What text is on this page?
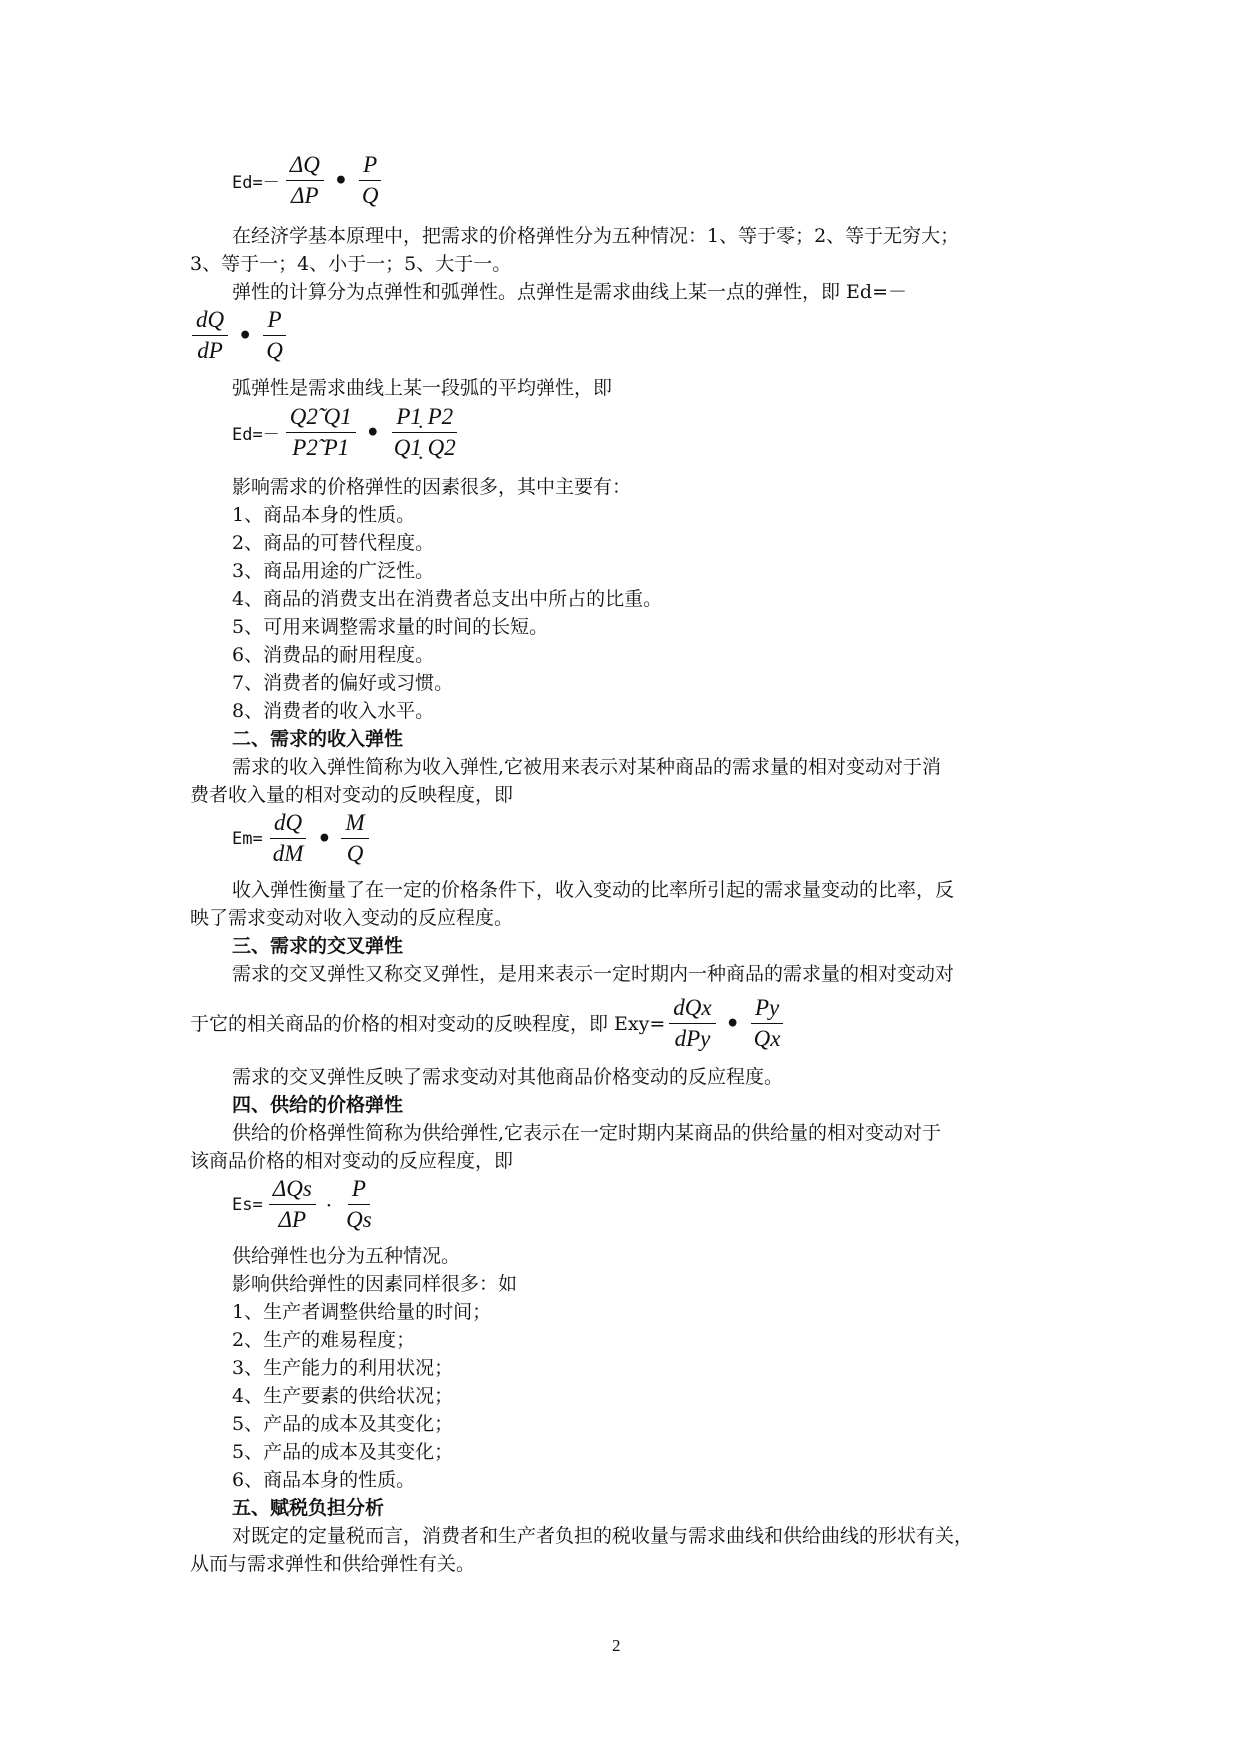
$Ed=- \frac{\Delta Q}{\Delta P}$ • $\frac{P}{Q}$
在经济学基本原理中，把需求的价格弹性分为五种情况：1、等于零；2、等于无穷大；
3、等于一；4、小于一；5、大于一。
弹性的计算分为点弹性和弧弹性。点弹性是需求曲线上某一点的弹性，即 Ed=－
$\frac{dQ}{dP}$ • $\frac{P}{Q}$
弧弹性是需求曲线上某一段弧的平均弹性，即
$Ed=- \frac{Q2̃ Q1}{P2̃ P1}$ • $\frac{P1̣ P2}{Q1̣ Q2}$
影响需求的价格弹性的因素很多，其中主要有：
1、商品本身的性质。
2、商品的可替代程度。
3、商品用途的广泛性。
4、商品的消费支出在消费者总支出中所占的比重。
5、可用来调整需求量的时间的长短。
6、消费品的耐用程度。
7、消费者的偏好或习惯。
8、消费者的收入水平。
二、需求的收入弹性
需求的收入弹性简称为收入弹性,它被用来表示对某种商品的需求量的相对变动对于消
费者收入量的相对变动的反映程度，即
$Em= \frac{dQ}{dM}$ • $\frac{M}{Q}$
收入弹性衡量了在一定的价格条件下，收入变动的比率所引起的需求量变动的比率，反
映了需求变动对收入变动的反应程度。
三、需求的交叉弹性
需求的交叉弹性又称交叉弹性，是用来表示一定时期内一种商品的需求量的相对变动对
于它的相关商品的价格的相对变动的反映程度，即 $Exy= \frac{\text{dQx}}{\text{dPy}}$ • $\frac{Py}{Qx}$
需求的交叉弹性反映了需求变动对其他商品价格变动的反应程度。
四、供给的价格弹性
供给的价格弹性简称为供给弹性,它表示在一定时期内某商品的供给量的相对变动对于
该商品价格的相对变动的反应程度，即
$Es= \frac{\text{ΔQs}}{\Delta P} \cdot \frac{P}{Qs}$
供给弹性也分为五种情况。
影响供给弹性的因素同样很多：如
1、生产者调整供给量的时间；
2、生产的难易程度；
3、生产能力的利用状况；
4、生产要素的供给状况；
5、产品的成本及其变化；
5、产品的成本及其变化；
6、商品本身的性质。
五、赋税负担分析
对既定的定量税而言，消费者和生产者负担的税收量与需求曲线和供给曲线的形状有关，
从而与需求弹性和供给弹性有关。
2
